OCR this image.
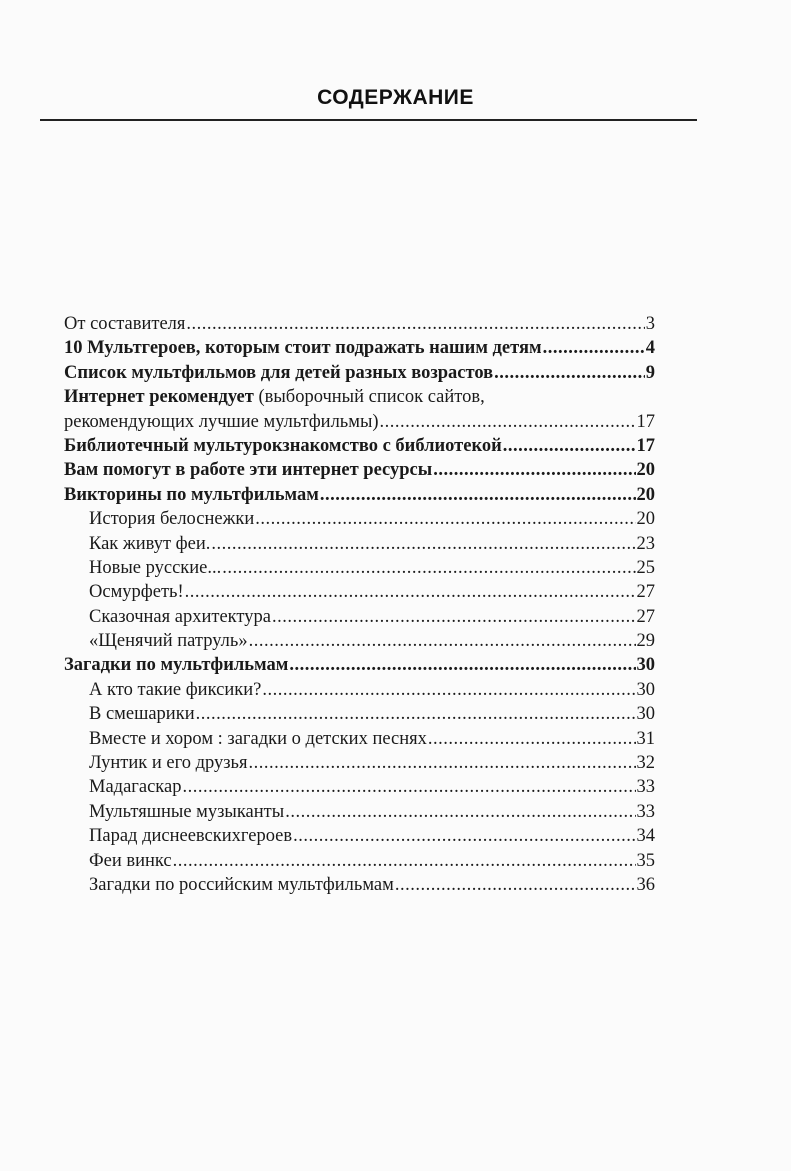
СОДЕРЖАНИЕ
От составителя .....	3
10 Мультгероев, которым стоит подражать нашим детям .....	4
Список мультфильмов для детей разных возрастов .....	9
Интернет рекомендует (выборочный список сайтов,
рекомендующих лучшие мультфильмы) .....	17
Библиотечный мультурокзнакомство с библиотекой .....	17
Вам помогут в работе эти интернет ресурсы .....	20
Викторины по мультфильмам .....	20
История белоснежки .....	20
Как живут феи. .....	23
Новые русские... .....	25
Осмурфеть! .....	27
Сказочная архитектура .....	27
«Щенячий патруль» .....	29
Загадки по мультфильмам .....	30
А кто такие фиксики? .....	30
В смешарики .....	30
Вместе и хором : загадки о детских песнях .....	31
Лунтик и его друзья .....	32
Мадагаскар .....	33
Мультяшные музыканты .....	33
Парад диснеевскихгероев .....	34
Феи винкс .....	35
Загадки по российским мультфильмам .....	36
